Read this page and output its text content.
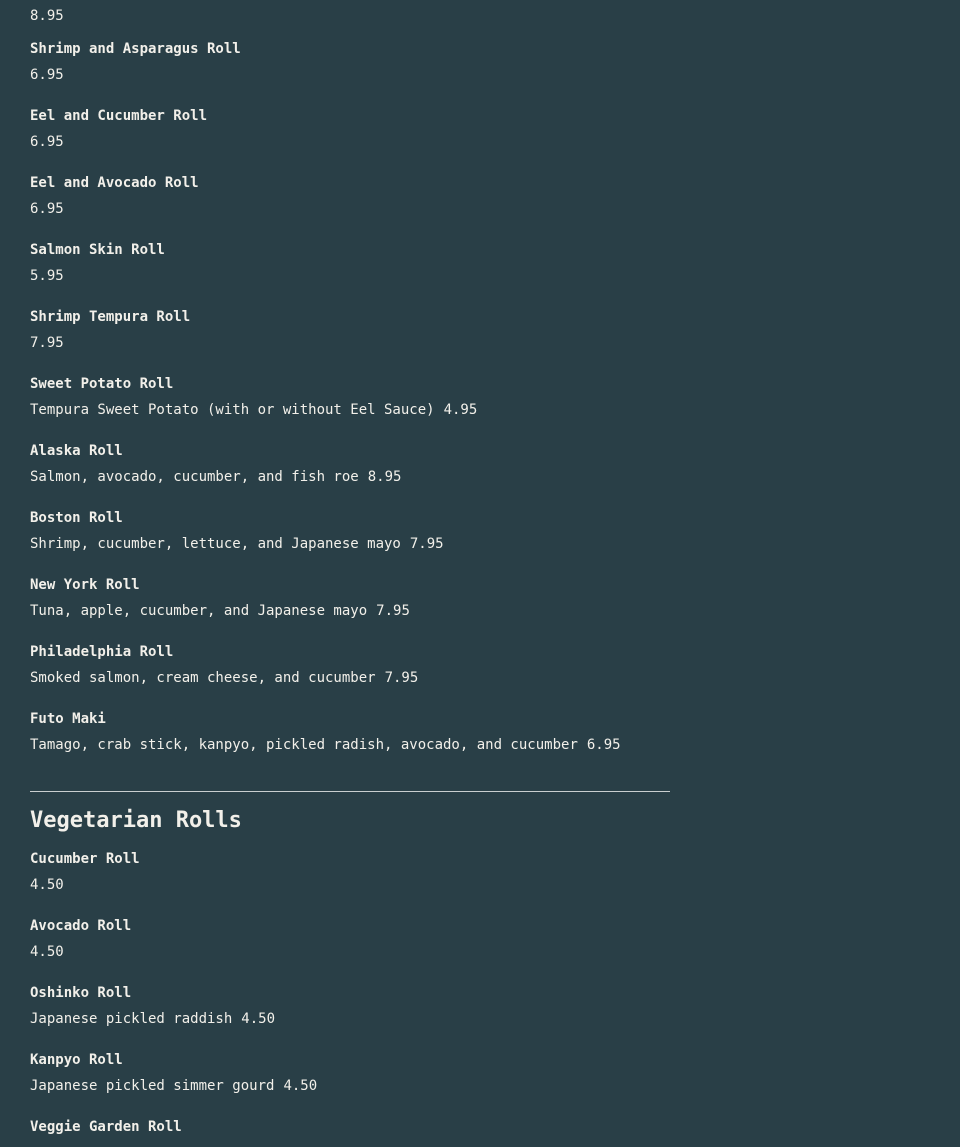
8.95
Shrimp and Asparagus Roll
6.95
Eel and Cucumber Roll
6.95
Eel and Avocado Roll
6.95
Salmon Skin Roll
5.95
Shrimp Tempura Roll
7.95
Sweet Potato Roll
Tempura Sweet Potato (with or without Eel Sauce) 4.95
Alaska Roll
Salmon, avocado, cucumber, and fish roe 8.95
Boston Roll
Shrimp, cucumber, lettuce, and Japanese mayo 7.95
New York Roll
Tuna, apple, cucumber, and Japanese mayo 7.95
Philadelphia Roll
Smoked salmon, cream cheese, and cucumber 7.95
Futo Maki
Tamago, crab stick, kanpyo, pickled radish, avocado, and cucumber 6.95
Vegetarian Rolls
Cucumber Roll
4.50
Avocado Roll
4.50
Oshinko Roll
Japanese pickled raddish 4.50
Kanpyo Roll
Japanese pickled simmer gourd 4.50
Veggie Garden Roll
